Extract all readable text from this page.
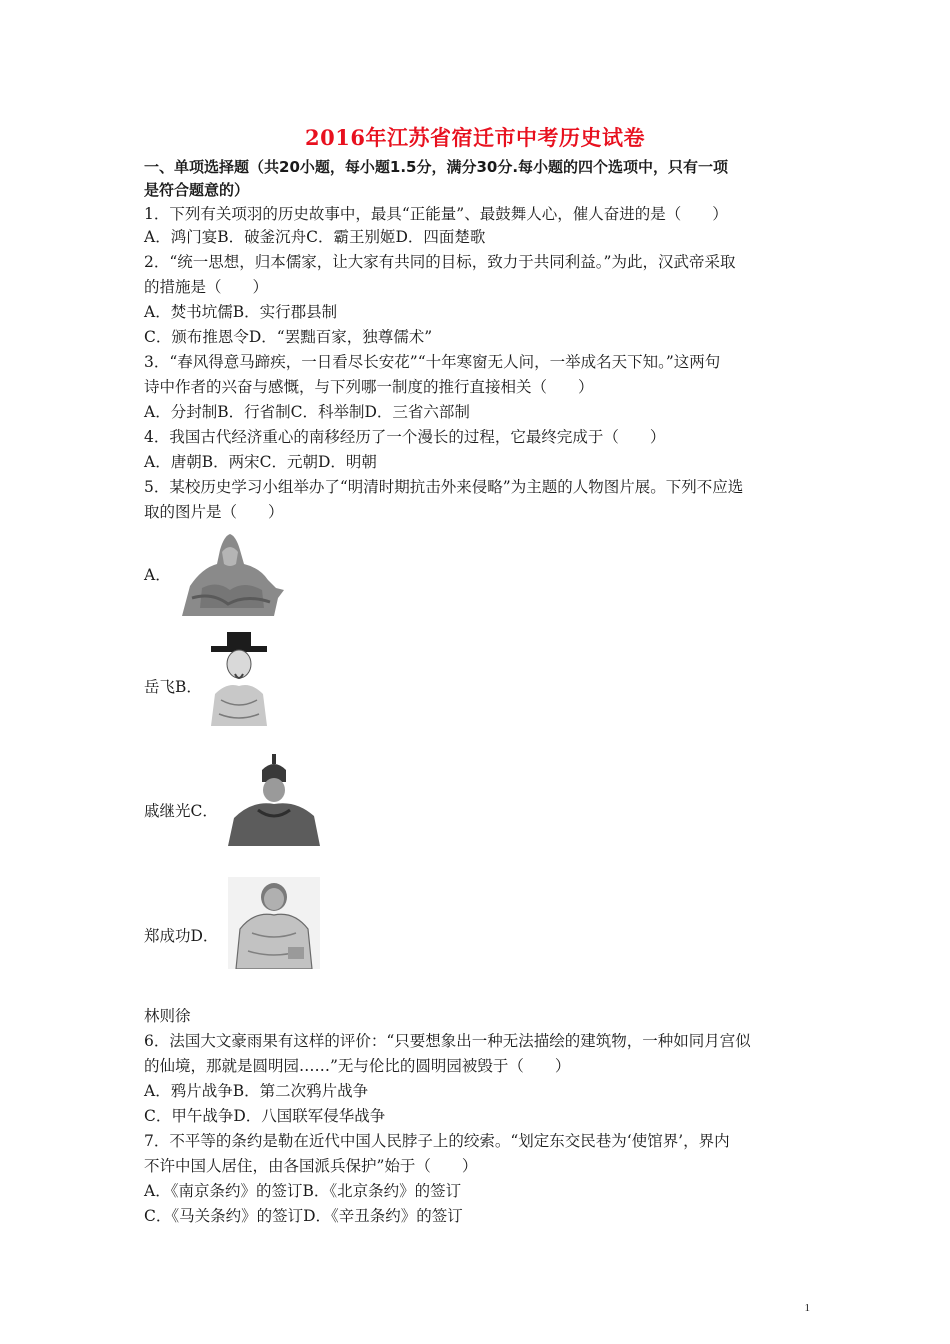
2016年江苏省宿迁市中考历史试卷
一、单项选择题（共20小题，每小题1.5分，满分30分.每小题的四个选项中，只有一项
是符合题意的）
1．下列有关项羽的历史故事中，最具“正能量”、最鼓舞人心，催人奋进的是（　　）
A．鸿门宴B．破釜沉舟C．霸王别姬D．四面楚歌
2．“统一思想，归本儒家，让大家有共同的目标，致力于共同利益。”为此，汉武帝采取
的措施是（　　）
A．焚书坑儒B．实行郡县制
C．颁布推恩令D．“罢黜百家，独尊儒术”
3．“春风得意马蹄疾，一日看尽长安花”“十年寒窗无人问，一举成名天下知。”这两句
诗中作者的兴奋与感慨，与下列哪一制度的推行直接相关（　　）
A．分封制B．行省制C．科举制D．三省六部制
4．我国古代经济重心的南移经历了一个漫长的过程，它最终完成于（　　）
A．唐朝B．两宋C．元朝D．明朝
5．某校历史学习小组举办了“明清时期抗击外来侵略”为主题的人物图片展。下列不应选
取的图片是（　　）
A．
岳飞B．
戚继光C．
郑成功D．
林则徐
6．法国大文豪雨果有这样的评价：“只要想象出一种无法描绘的建筑物，一种如同月宫似
的仙境，那就是圆明园……”无与伦比的圆明园被毁于（　　）
A．鸦片战争B．第二次鸦片战争
C．甲午战争D．八国联军侵华战争
7．不平等的条约是勒在近代中国人民脖子上的绞索。“划定东交民巷为‘使馆界’，界内
不许中国人居住，由各国派兵保护”始于（　　）
A．《南京条约》的签订B．《北京条约》的签订
C．《马关条约》的签订D．《辛丑条约》的签订
1
